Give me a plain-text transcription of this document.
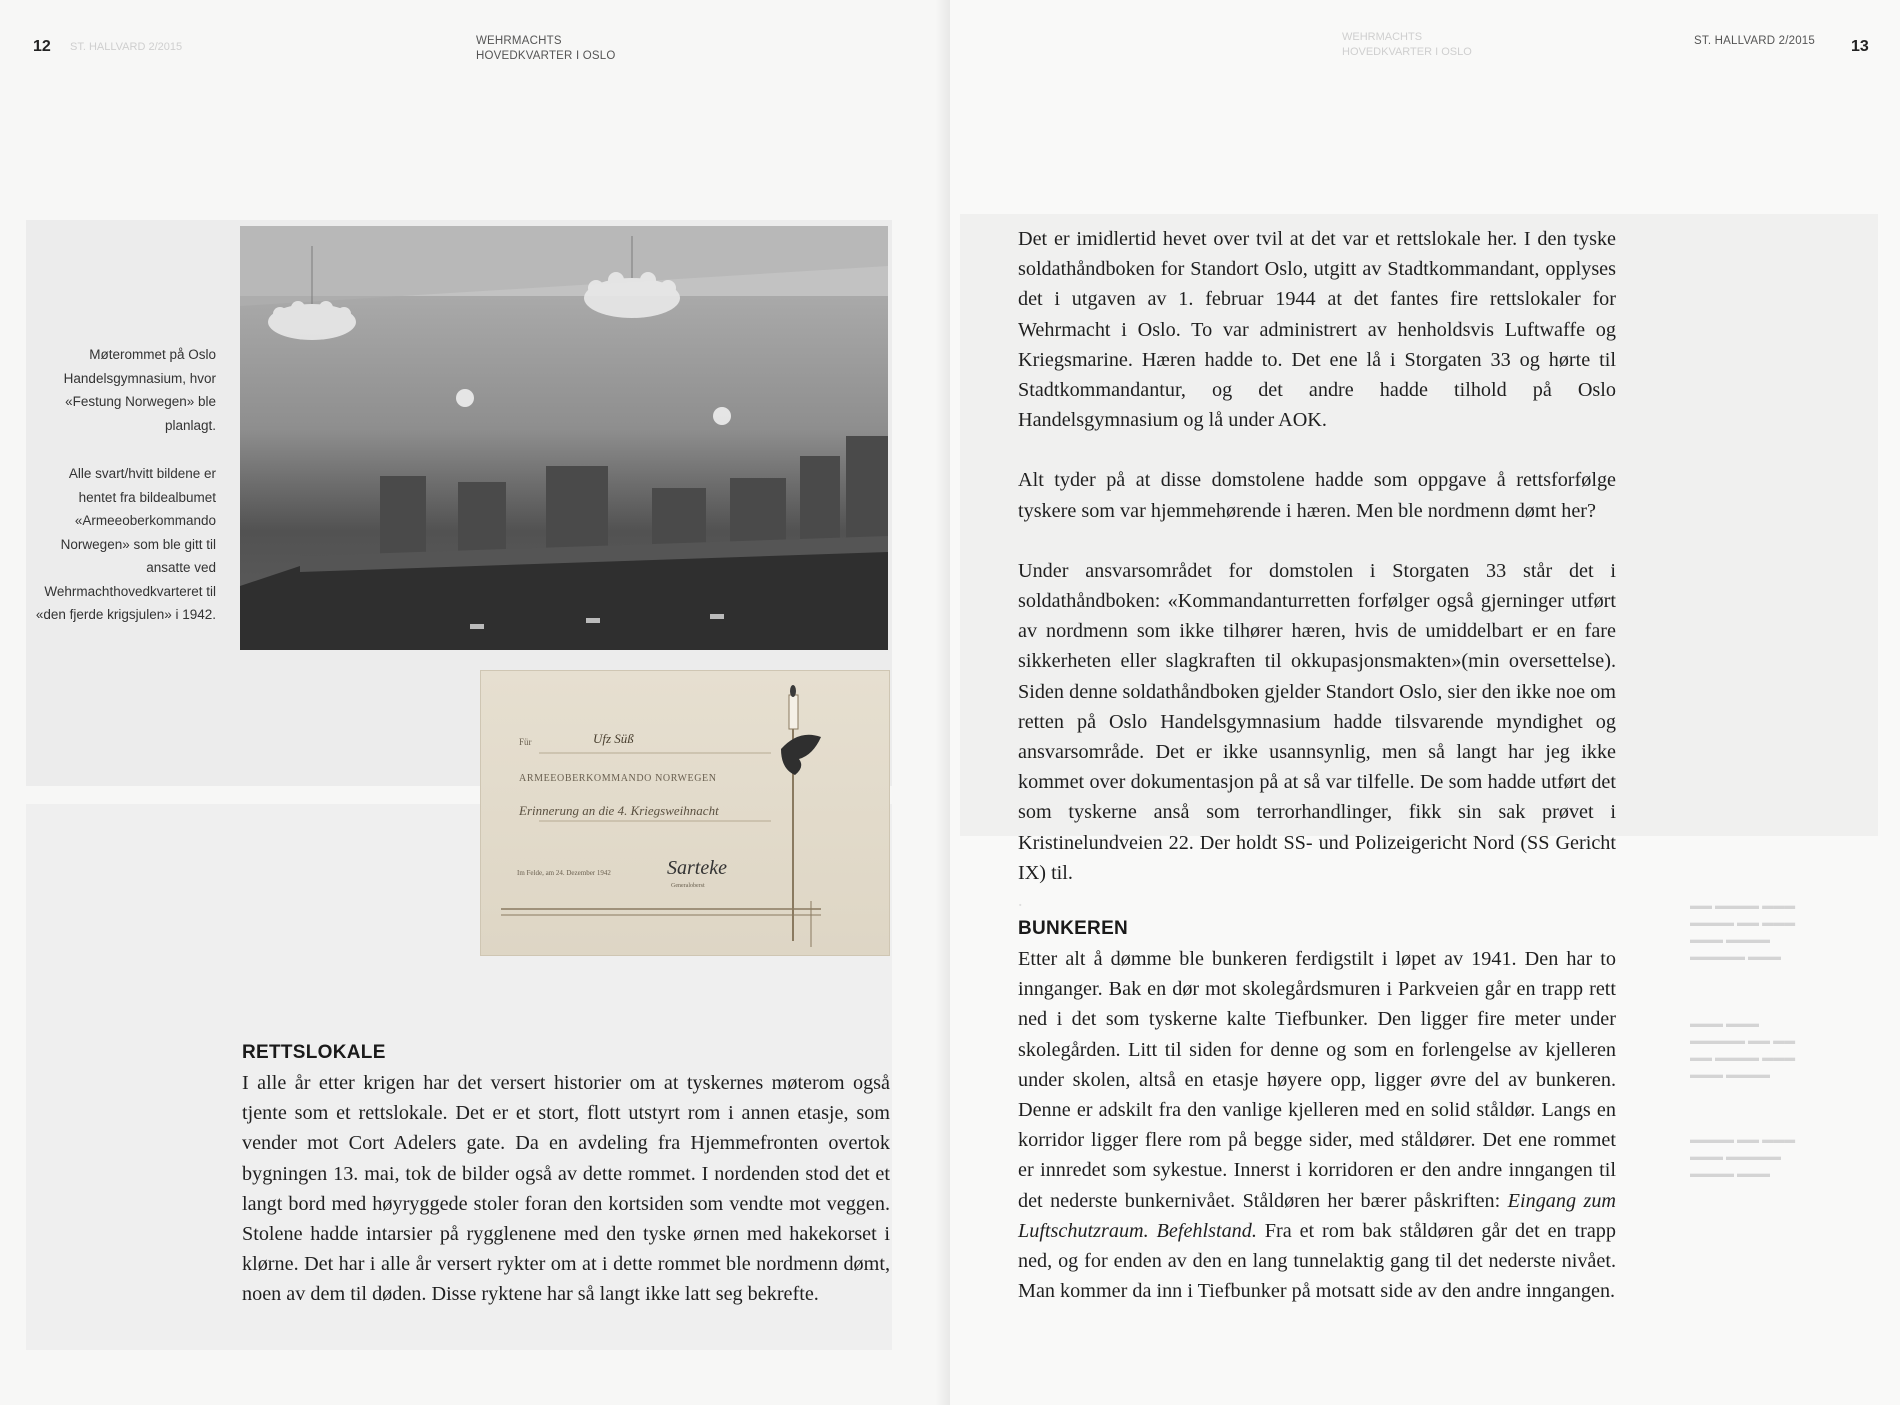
12 ST. HALLVARD 2/2015	WEHRMACHTS
HOVEDKVARTER I OSLO
Møterommet på Oslo Handelsgymnasium, hvor «Festung Norwegen» ble planlagt.
Alle svart/hvitt bildene er hentet fra bildealbumet «Armeeoberkommando Norwegen» som ble gitt til ansatte ved Wehrmachthovedkvarteret til «den fjerde krigsjulen» i 1942.
Für	Ufz Süß
ARMEEOBERKOMMANDO NORWEGEN
Erinnerung an die 4. Kriegsweihnacht
Im Felde, am 24. Dezember 1942	Sarteke
Generaloberst
RETTSLOKALE

I alle år etter krigen har det versert historier om at tyskernes møterom også tjente som et rettslokale. Det er et stort, flott utstyrt rom i annen etasje, som vender mot Cort Adelers gate. Da en avdeling fra Hjemmefronten overtok bygningen 13. mai, tok de bilder også av dette rommet. I nordenden stod det et langt bord med høyryggede stoler foran den kortsiden som vendte mot veggen. Stolene hadde intarsier på rygglenene med den tyske ørnen med hakekorset i klørne. Det har i alle år versert rykter om at i dette rommet ble nordmenn dømt, noen av dem til døden. Disse ryktene har så langt ikke latt seg bekrefte.

WEHRMACHTS
HOVEDKVARTER I OSLO
ST. HALLVARD 2/2015 13

Det er imidlertid hevet over tvil at det var et rettslokale her. I den tyske soldathåndboken for Standort Oslo, utgitt av Stadtkommandant, opplyses det i utgaven av 1. februar 1944 at det fantes fire rettslokaler for Wehrmacht i Oslo. To var administrert av henholdsvis Luftwaffe og Kriegsmarine. Hæren hadde to. Det ene lå i Storgaten 33 og hørte til Stadtkommandantur, og det andre hadde tilhold på Oslo Handelsgymnasium og lå under AOK.

Alt tyder på at disse domstolene hadde som oppgave å rettsforfølge tyskere som var hjemmehørende i hæren. Men ble nordmenn dømt her?

Under ansvarsområdet for domstolen i Storgaten 33 står det i soldathåndboken: «Kommandanturretten forfølger også gjerninger utført av nordmenn som ikke tilhører hæren, hvis de umiddelbart er en fare sikkerheten eller slagkraften til okkupasjonsmakten»(min oversettelse). Siden denne soldathåndboken gjelder Standort Oslo, sier den ikke noe om retten på Oslo Handelsgymnasium hadde tilsvarende myndighet og ansvarsområde. Det er ikke usannsynlig, men så langt har jeg ikke kommet over dokumentasjon på at så var tilfelle. De som hadde utført det som tyskerne anså som terrorhandlinger, fikk sin sak prøvet i Kristinelundveien 22. Der holdt SS- und Polizeigericht Nord (SS Gericht IX) til.

.
BUNKEREN

Etter alt å dømme ble bunkeren ferdigstilt i løpet av 1941. Den har to innganger. Bak en dør mot skolegårdsmuren i Parkveien går en trapp rett ned i det som tyskerne kalte Tiefbunker. Den ligger fire meter under skolegården. Litt til siden for denne og som en forlengelse av kjelleren under skolen, altså en etasje høyere opp, ligger øvre del av bunkeren. Denne er adskilt fra den vanlige kjelleren med en solid ståldør. Langs en korridor ligger flere rom på begge sider, med ståldører. Det ene rommet er innredet som sykestue. Innerst i korridoren er den andre inngangen til det nederste bunkernivået. Ståldøren her bærer påskriften: Eingang zum Luftschutzraum. Befehlstand. Fra et rom bak ståldøren går det en trapp ned, og for enden av den en lang tunnelaktig gang til det nederste nivået. Man kommer da inn i Tiefbunker på motsatt side av den andre inngangen.

▬▬ ▬▬▬▬ ▬▬▬
▬▬▬▬ ▬▬ ▬▬▬
▬▬▬ ▬▬▬▬
▬▬▬▬▬ ▬▬▬
▬▬▬ ▬▬▬
▬▬▬▬▬ ▬▬ ▬▬
▬▬ ▬▬▬▬ ▬▬▬
▬▬▬ ▬▬▬▬
▬▬▬▬ ▬▬ ▬▬▬
▬▬▬ ▬▬▬▬▬
▬▬▬▬ ▬▬▬
